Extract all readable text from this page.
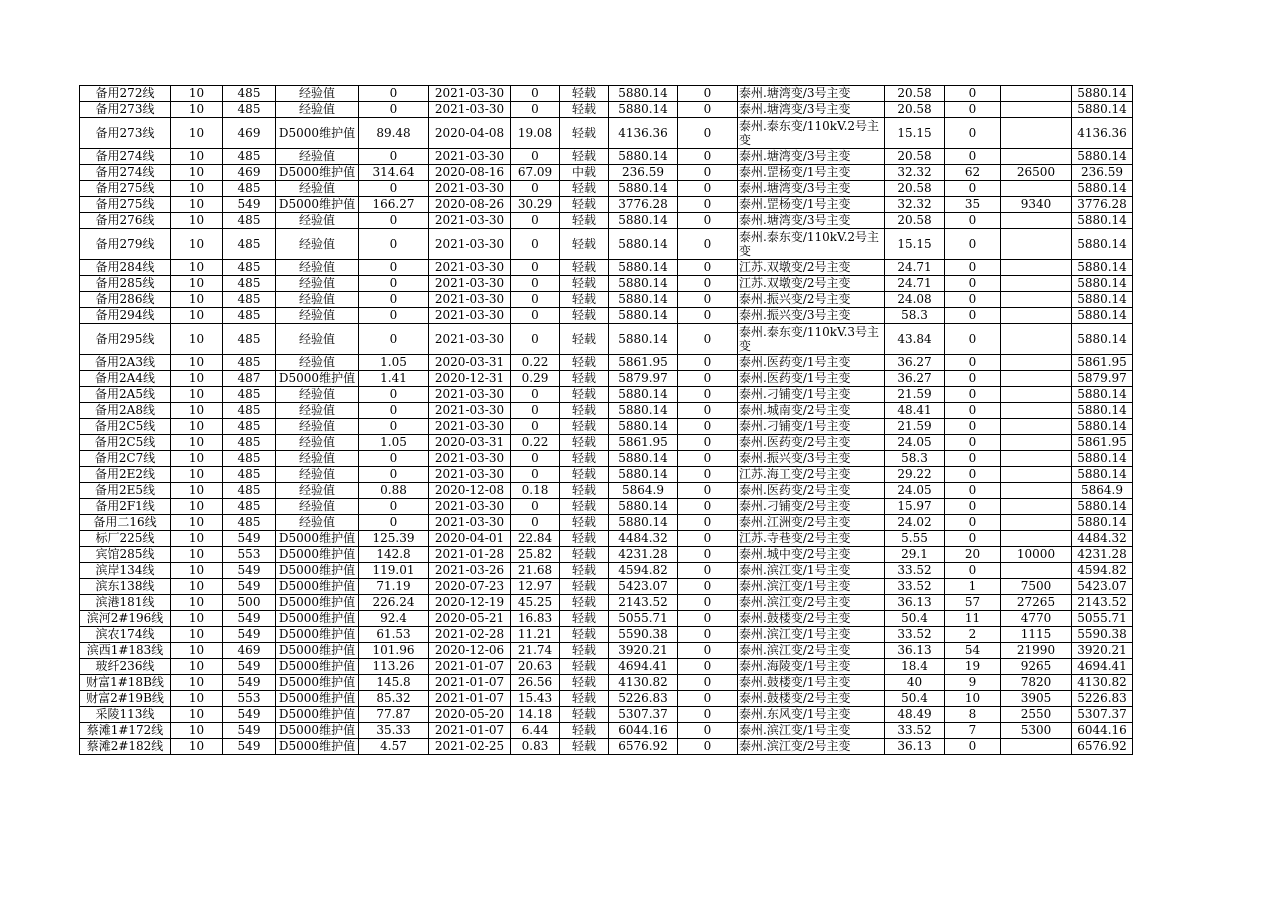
备用272线	10	485	经验值	0	2021-03-30	0	轻载	5880.14	0	泰州.塘湾变/3号主变	20.58	0		5880.14
备用273线	10	485	经验值	0	2021-03-30	0	轻载	5880.14	0	泰州.塘湾变/3号主变	20.58	0		5880.14
备用273线	10	469	D5000维护值	89.48	2020-04-08	19.08	轻载	4136.36	0	泰州.泰东变/110kV.2号主变	15.15	0		4136.36
备用274线	10	485	经验值	0	2021-03-30	0	轻载	5880.14	0	泰州.塘湾变/3号主变	20.58	0		5880.14
备用274线	10	469	D5000维护值	314.64	2020-08-16	67.09	中载	236.59	0	泰州.罡杨变/1号主变	32.32	62	26500	236.59
备用275线	10	485	经验值	0	2021-03-30	0	轻载	5880.14	0	泰州.塘湾变/3号主变	20.58	0		5880.14
备用275线	10	549	D5000维护值	166.27	2020-08-26	30.29	轻载	3776.28	0	泰州.罡杨变/1号主变	32.32	35	9340	3776.28
备用276线	10	485	经验值	0	2021-03-30	0	轻载	5880.14	0	泰州.塘湾变/3号主变	20.58	0		5880.14
备用279线	10	485	经验值	0	2021-03-30	0	轻载	5880.14	0	泰州.泰东变/110kV.2号主变	15.15	0		5880.14
备用284线	10	485	经验值	0	2021-03-30	0	轻载	5880.14	0	江苏.双墩变/2号主变	24.71	0		5880.14
备用285线	10	485	经验值	0	2021-03-30	0	轻载	5880.14	0	江苏.双墩变/2号主变	24.71	0		5880.14
备用286线	10	485	经验值	0	2021-03-30	0	轻载	5880.14	0	泰州.振兴变/2号主变	24.08	0		5880.14
备用294线	10	485	经验值	0	2021-03-30	0	轻载	5880.14	0	泰州.振兴变/3号主变	58.3	0		5880.14
备用295线	10	485	经验值	0	2021-03-30	0	轻载	5880.14	0	泰州.泰东变/110kV.3号主变	43.84	0		5880.14
备用2A3线	10	485	经验值	1.05	2020-03-31	0.22	轻载	5861.95	0	泰州.医药变/1号主变	36.27	0		5861.95
备用2A4线	10	487	D5000维护值	1.41	2020-12-31	0.29	轻载	5879.97	0	泰州.医药变/1号主变	36.27	0		5879.97
备用2A5线	10	485	经验值	0	2021-03-30	0	轻载	5880.14	0	泰州.刁铺变/1号主变	21.59	0		5880.14
备用2A8线	10	485	经验值	0	2021-03-30	0	轻载	5880.14	0	泰州.城南变/2号主变	48.41	0		5880.14
备用2C5线	10	485	经验值	0	2021-03-30	0	轻载	5880.14	0	泰州.刁铺变/1号主变	21.59	0		5880.14
备用2C5线	10	485	经验值	1.05	2020-03-31	0.22	轻载	5861.95	0	泰州.医药变/2号主变	24.05	0		5861.95
备用2C7线	10	485	经验值	0	2021-03-30	0	轻载	5880.14	0	泰州.振兴变/3号主变	58.3	0		5880.14
备用2E2线	10	485	经验值	0	2021-03-30	0	轻载	5880.14	0	江苏.海工变/2号主变	29.22	0		5880.14
备用2E5线	10	485	经验值	0.88	2020-12-08	0.18	轻载	5864.9	0	泰州.医药变/2号主变	24.05	0		5864.9
备用2F1线	10	485	经验值	0	2021-03-30	0	轻载	5880.14	0	泰州.刁铺变/2号主变	15.97	0		5880.14
备用二16线	10	485	经验值	0	2021-03-30	0	轻载	5880.14	0	泰州.江洲变/2号主变	24.02	0		5880.14
标厂225线	10	549	D5000维护值	125.39	2020-04-01	22.84	轻载	4484.32	0	江苏.寺巷变/2号主变	5.55	0		4484.32
宾馆285线	10	553	D5000维护值	142.8	2021-01-28	25.82	轻载	4231.28	0	泰州.城中变/2号主变	29.1	20	10000	4231.28
滨岸134线	10	549	D5000维护值	119.01	2021-03-26	21.68	轻载	4594.82	0	泰州.滨江变/1号主变	33.52	0		4594.82
滨东138线	10	549	D5000维护值	71.19	2020-07-23	12.97	轻载	5423.07	0	泰州.滨江变/1号主变	33.52	1	7500	5423.07
滨港181线	10	500	D5000维护值	226.24	2020-12-19	45.25	轻载	2143.52	0	泰州.滨江变/2号主变	36.13	57	27265	2143.52
滨河2#196线	10	549	D5000维护值	92.4	2020-05-21	16.83	轻载	5055.71	0	泰州.鼓楼变/2号主变	50.4	11	4770	5055.71
滨农174线	10	549	D5000维护值	61.53	2021-02-28	11.21	轻载	5590.38	0	泰州.滨江变/1号主变	33.52	2	1115	5590.38
滨西1#183线	10	469	D5000维护值	101.96	2020-12-06	21.74	轻载	3920.21	0	泰州.滨江变/2号主变	36.13	54	21990	3920.21
玻纤236线	10	549	D5000维护值	113.26	2021-01-07	20.63	轻载	4694.41	0	泰州.海陵变/1号主变	18.4	19	9265	4694.41
财富1#18B线	10	549	D5000维护值	145.8	2021-01-07	26.56	轻载	4130.82	0	泰州.鼓楼变/1号主变	40	9	7820	4130.82
财富2#19B线	10	553	D5000维护值	85.32	2021-01-07	15.43	轻载	5226.83	0	泰州.鼓楼变/2号主变	50.4	10	3905	5226.83
采陵113线	10	549	D5000维护值	77.87	2020-05-20	14.18	轻载	5307.37	0	泰州.东风变/1号主变	48.49	8	2550	5307.37
蔡滩1#172线	10	549	D5000维护值	35.33	2021-01-07	6.44	轻载	6044.16	0	泰州.滨江变/1号主变	33.52	7	5300	6044.16
蔡滩2#182线	10	549	D5000维护值	4.57	2021-02-25	0.83	轻载	6576.92	0	泰州.滨江变/2号主变	36.13	0		6576.92
